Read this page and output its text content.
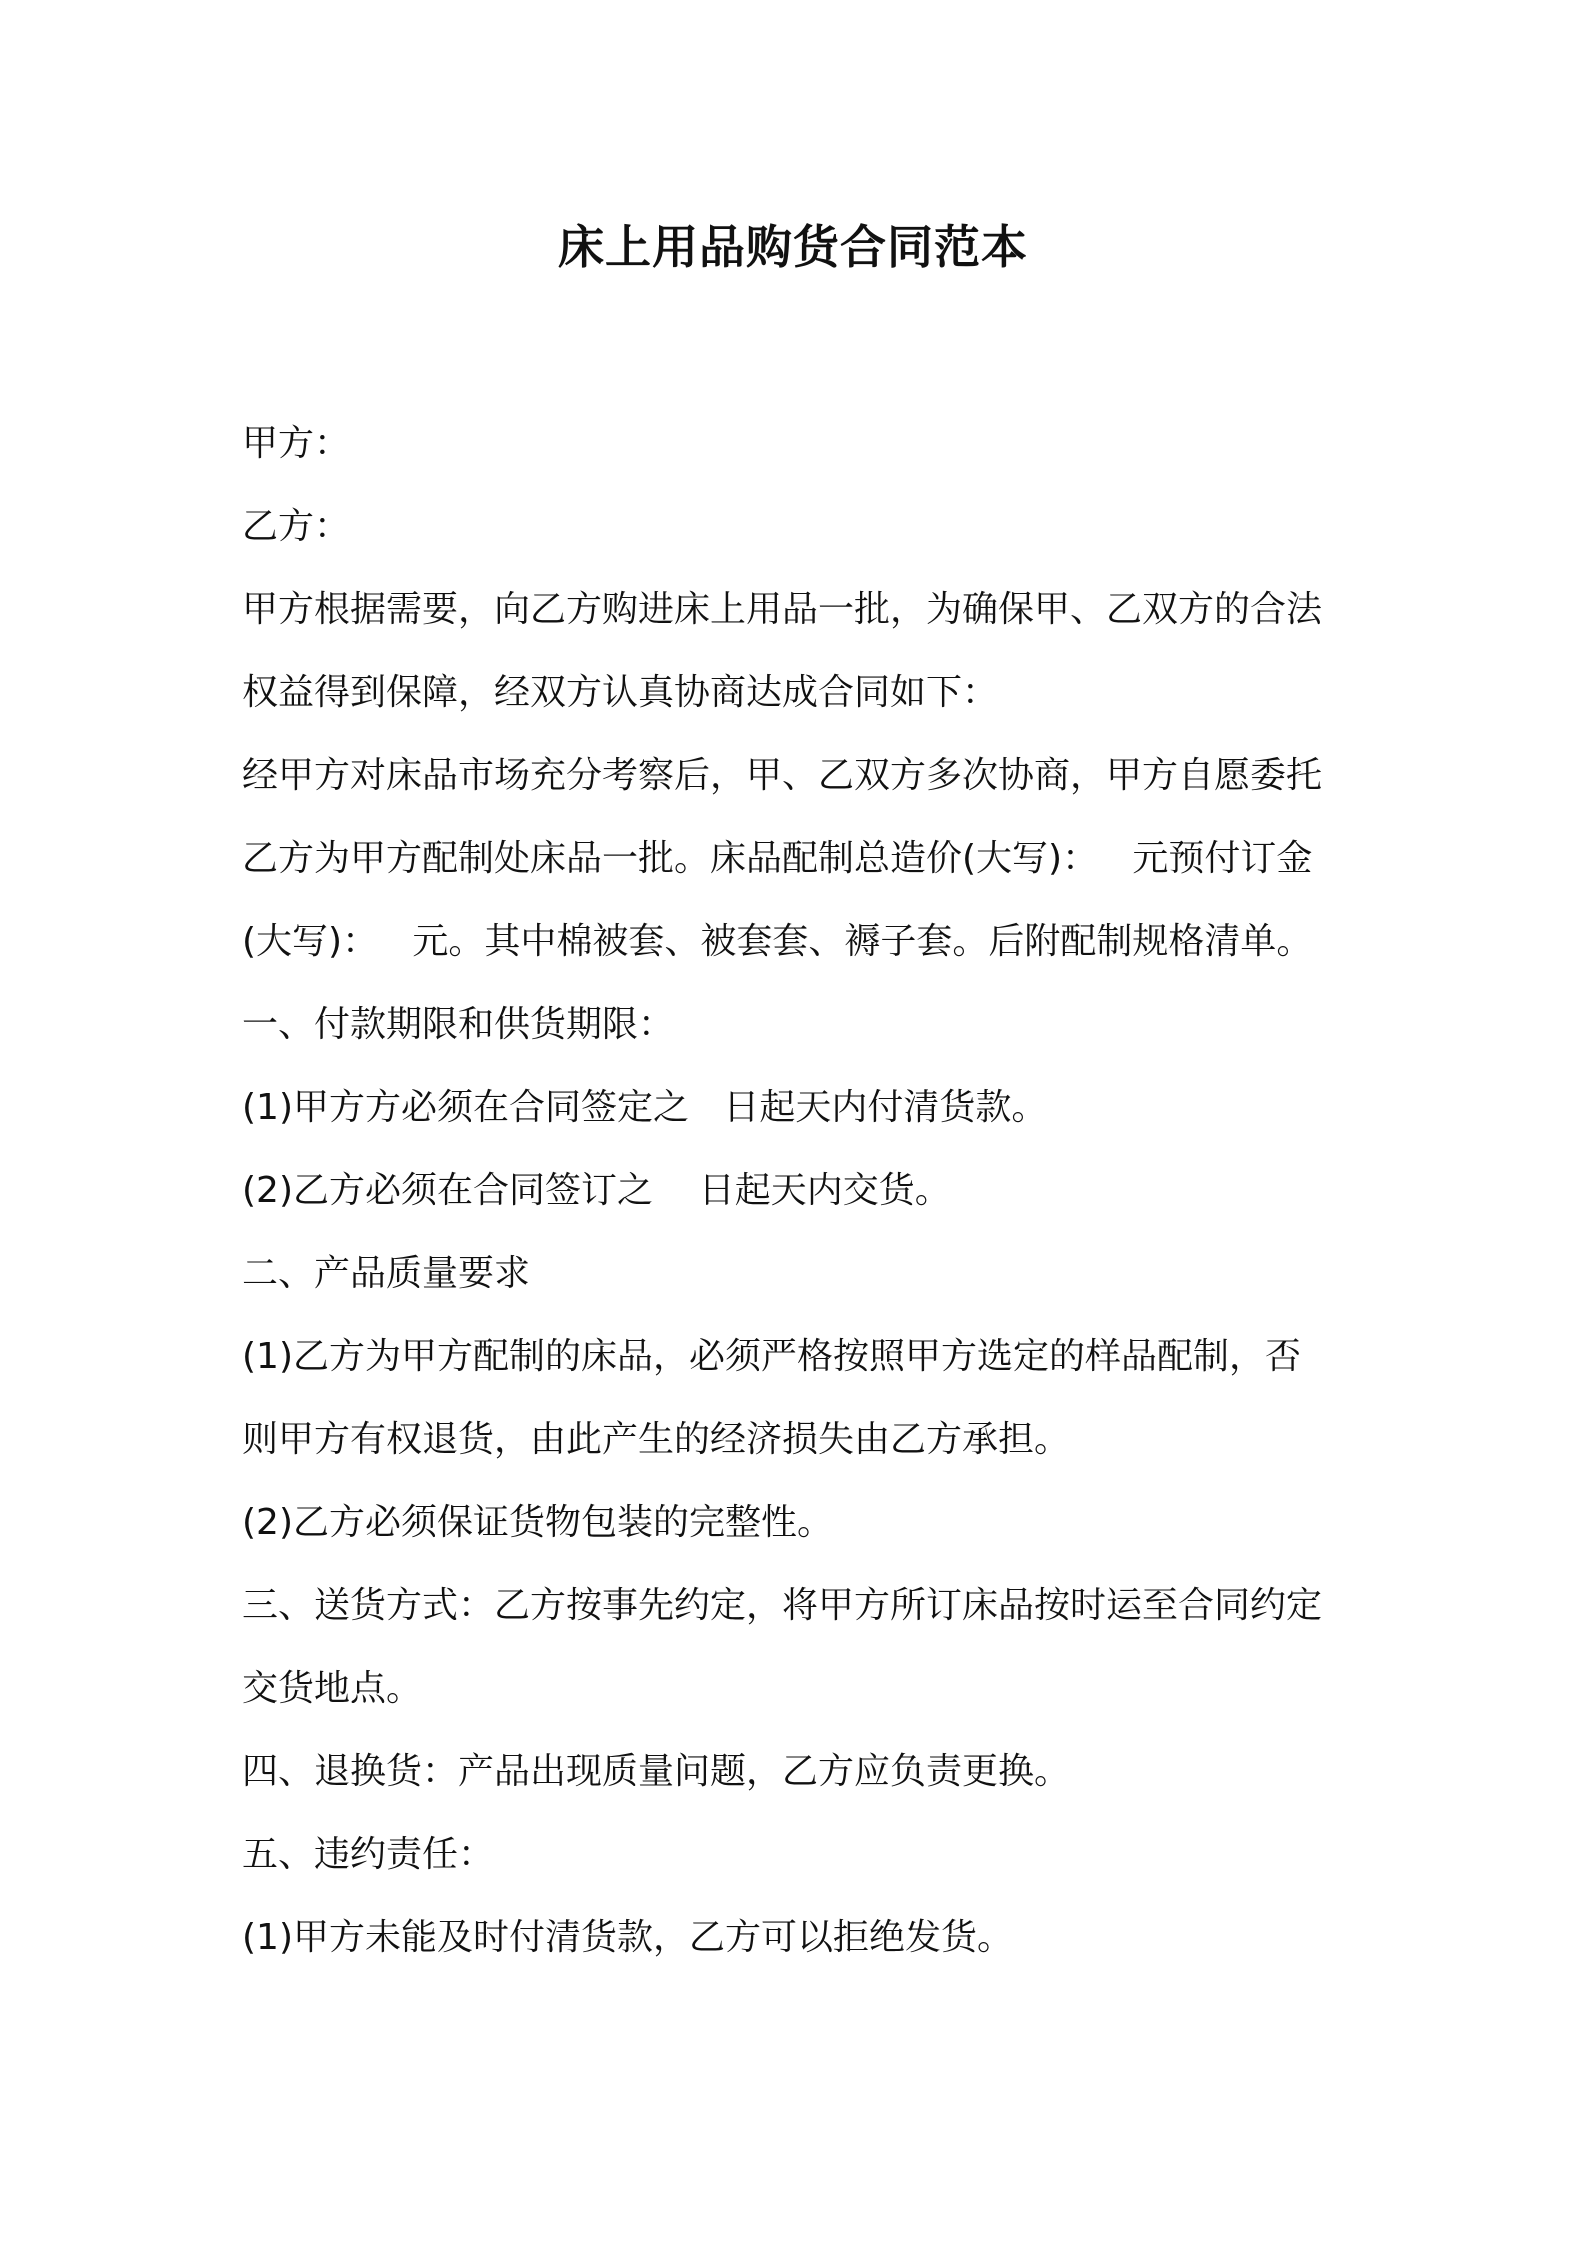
床上用品购货合同范本
甲方：
乙方：
甲方根据需要，向乙方购进床上用品一批，为确保甲、乙双方的合法
权益得到保障，经双方认真协商达成合同如下：
经甲方对床品市场充分考察后，甲、乙双方多次协商，甲方自愿委托
乙方为甲方配制处床品一批。床品配制总造价(大写)：   元预付订金
(大写)：   元。其中棉被套、被套套、褥子套。后附配制规格清单。
一、付款期限和供货期限：
(1)甲方方必须在合同签定之   日起天内付清货款。
(2)乙方必须在合同签订之    日起天内交货。
二、产品质量要求
(1)乙方为甲方配制的床品，必须严格按照甲方选定的样品配制，否
则甲方有权退货，由此产生的经济损失由乙方承担。
(2)乙方必须保证货物包装的完整性。
三、送货方式：乙方按事先约定，将甲方所订床品按时运至合同约定
交货地点。
四、退换货：产品出现质量问题，乙方应负责更换。
五、违约责任：
(1)甲方未能及时付清货款，乙方可以拒绝发货。
